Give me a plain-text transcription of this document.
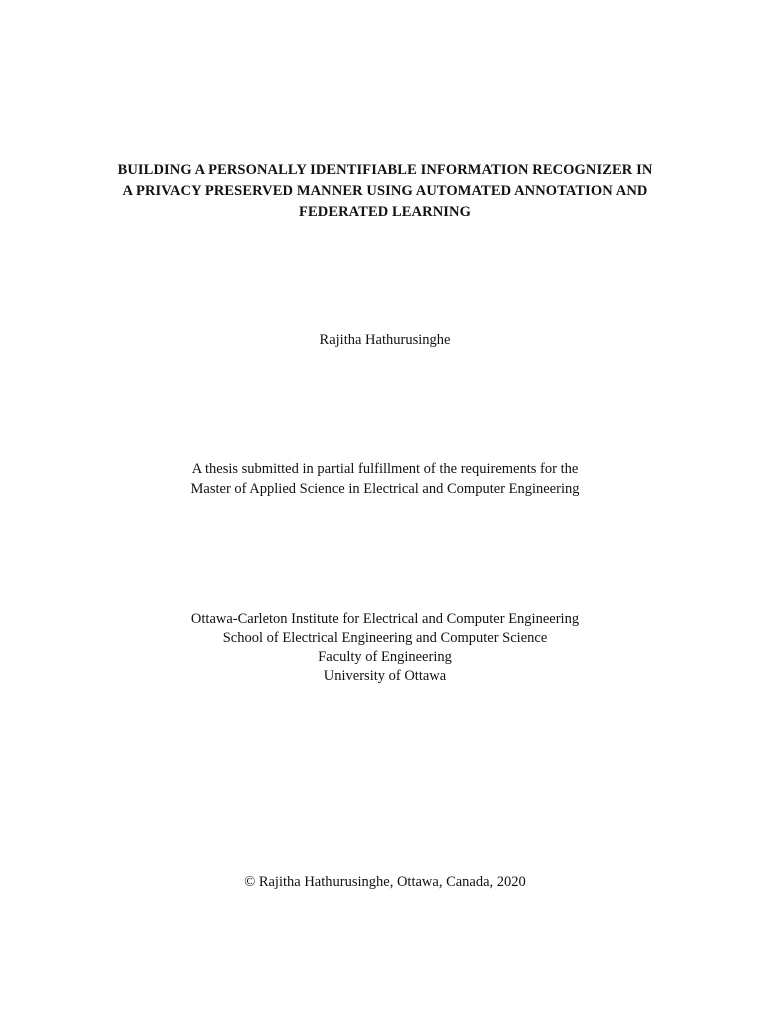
BUILDING A PERSONALLY IDENTIFIABLE INFORMATION RECOGNIZER IN
A PRIVACY PRESERVED MANNER USING AUTOMATED ANNOTATION AND
FEDERATED LEARNING
Rajitha Hathurusinghe
A thesis submitted in partial fulfillment of the requirements for the
Master of Applied Science in Electrical and Computer Engineering
Ottawa-Carleton Institute for Electrical and Computer Engineering
School of Electrical Engineering and Computer Science
Faculty of Engineering
University of Ottawa
© Rajitha Hathurusinghe, Ottawa, Canada, 2020
